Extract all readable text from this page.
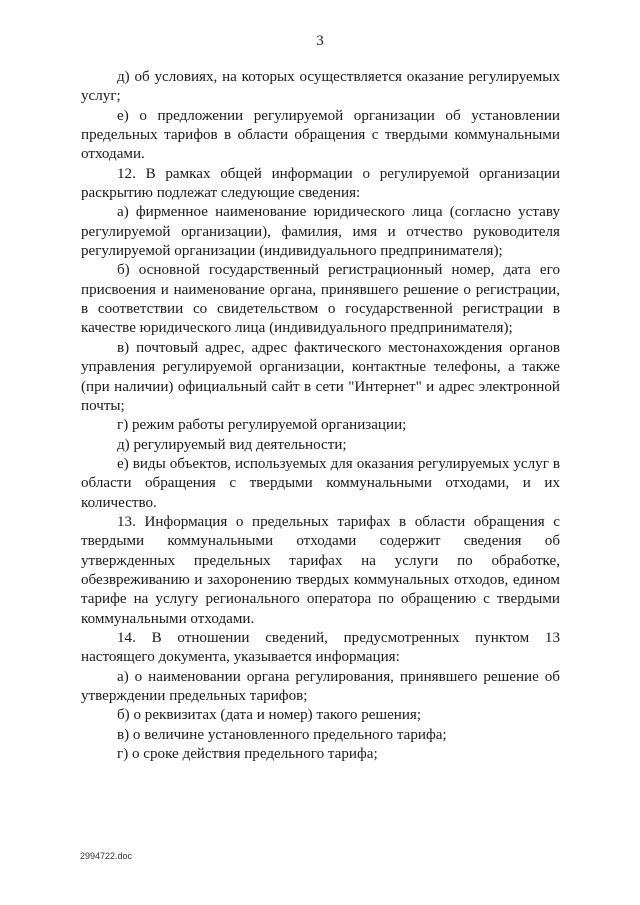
3

д) об условиях, на которых осуществляется оказание регулируемых услуг;

е) о предложении регулируемой организации об установлении предельных тарифов в области обращения с твердыми коммунальными отходами.

12. В рамках общей информации о регулируемой организации раскрытию подлежат следующие сведения:

а) фирменное наименование юридического лица (согласно уставу регулируемой организации), фамилия, имя и отчество руководителя регулируемой организации (индивидуального предпринимателя);

б) основной государственный регистрационный номер, дата его присвоения и наименование органа, принявшего решение о регистрации, в соответствии со свидетельством о государственной регистрации в качестве юридического лица (индивидуального предпринимателя);

в) почтовый адрес, адрес фактического местонахождения органов управления регулируемой организации, контактные телефоны, а также (при наличии) официальный сайт в сети "Интернет" и адрес электронной почты;

г) режим работы регулируемой организации;

д) регулируемый вид деятельности;

е) виды объектов, используемых для оказания регулируемых услуг в области обращения с твердыми коммунальными отходами, и их количество.

13. Информация о предельных тарифах в области обращения с твердыми коммунальными отходами содержит сведения об утвержденных предельных тарифах на услуги по обработке, обезвреживанию и захоронению твердых коммунальных отходов, едином тарифе на услугу регионального оператора по обращению с твердыми коммунальными отходами.

14. В отношении сведений, предусмотренных пунктом 13 настоящего документа, указывается информация:

а) о наименовании органа регулирования, принявшего решение об утверждении предельных тарифов;

б) о реквизитах (дата и номер) такого решения;

в) о величине установленного предельного тарифа;

г) о сроке действия предельного тарифа;

2994722.doc
